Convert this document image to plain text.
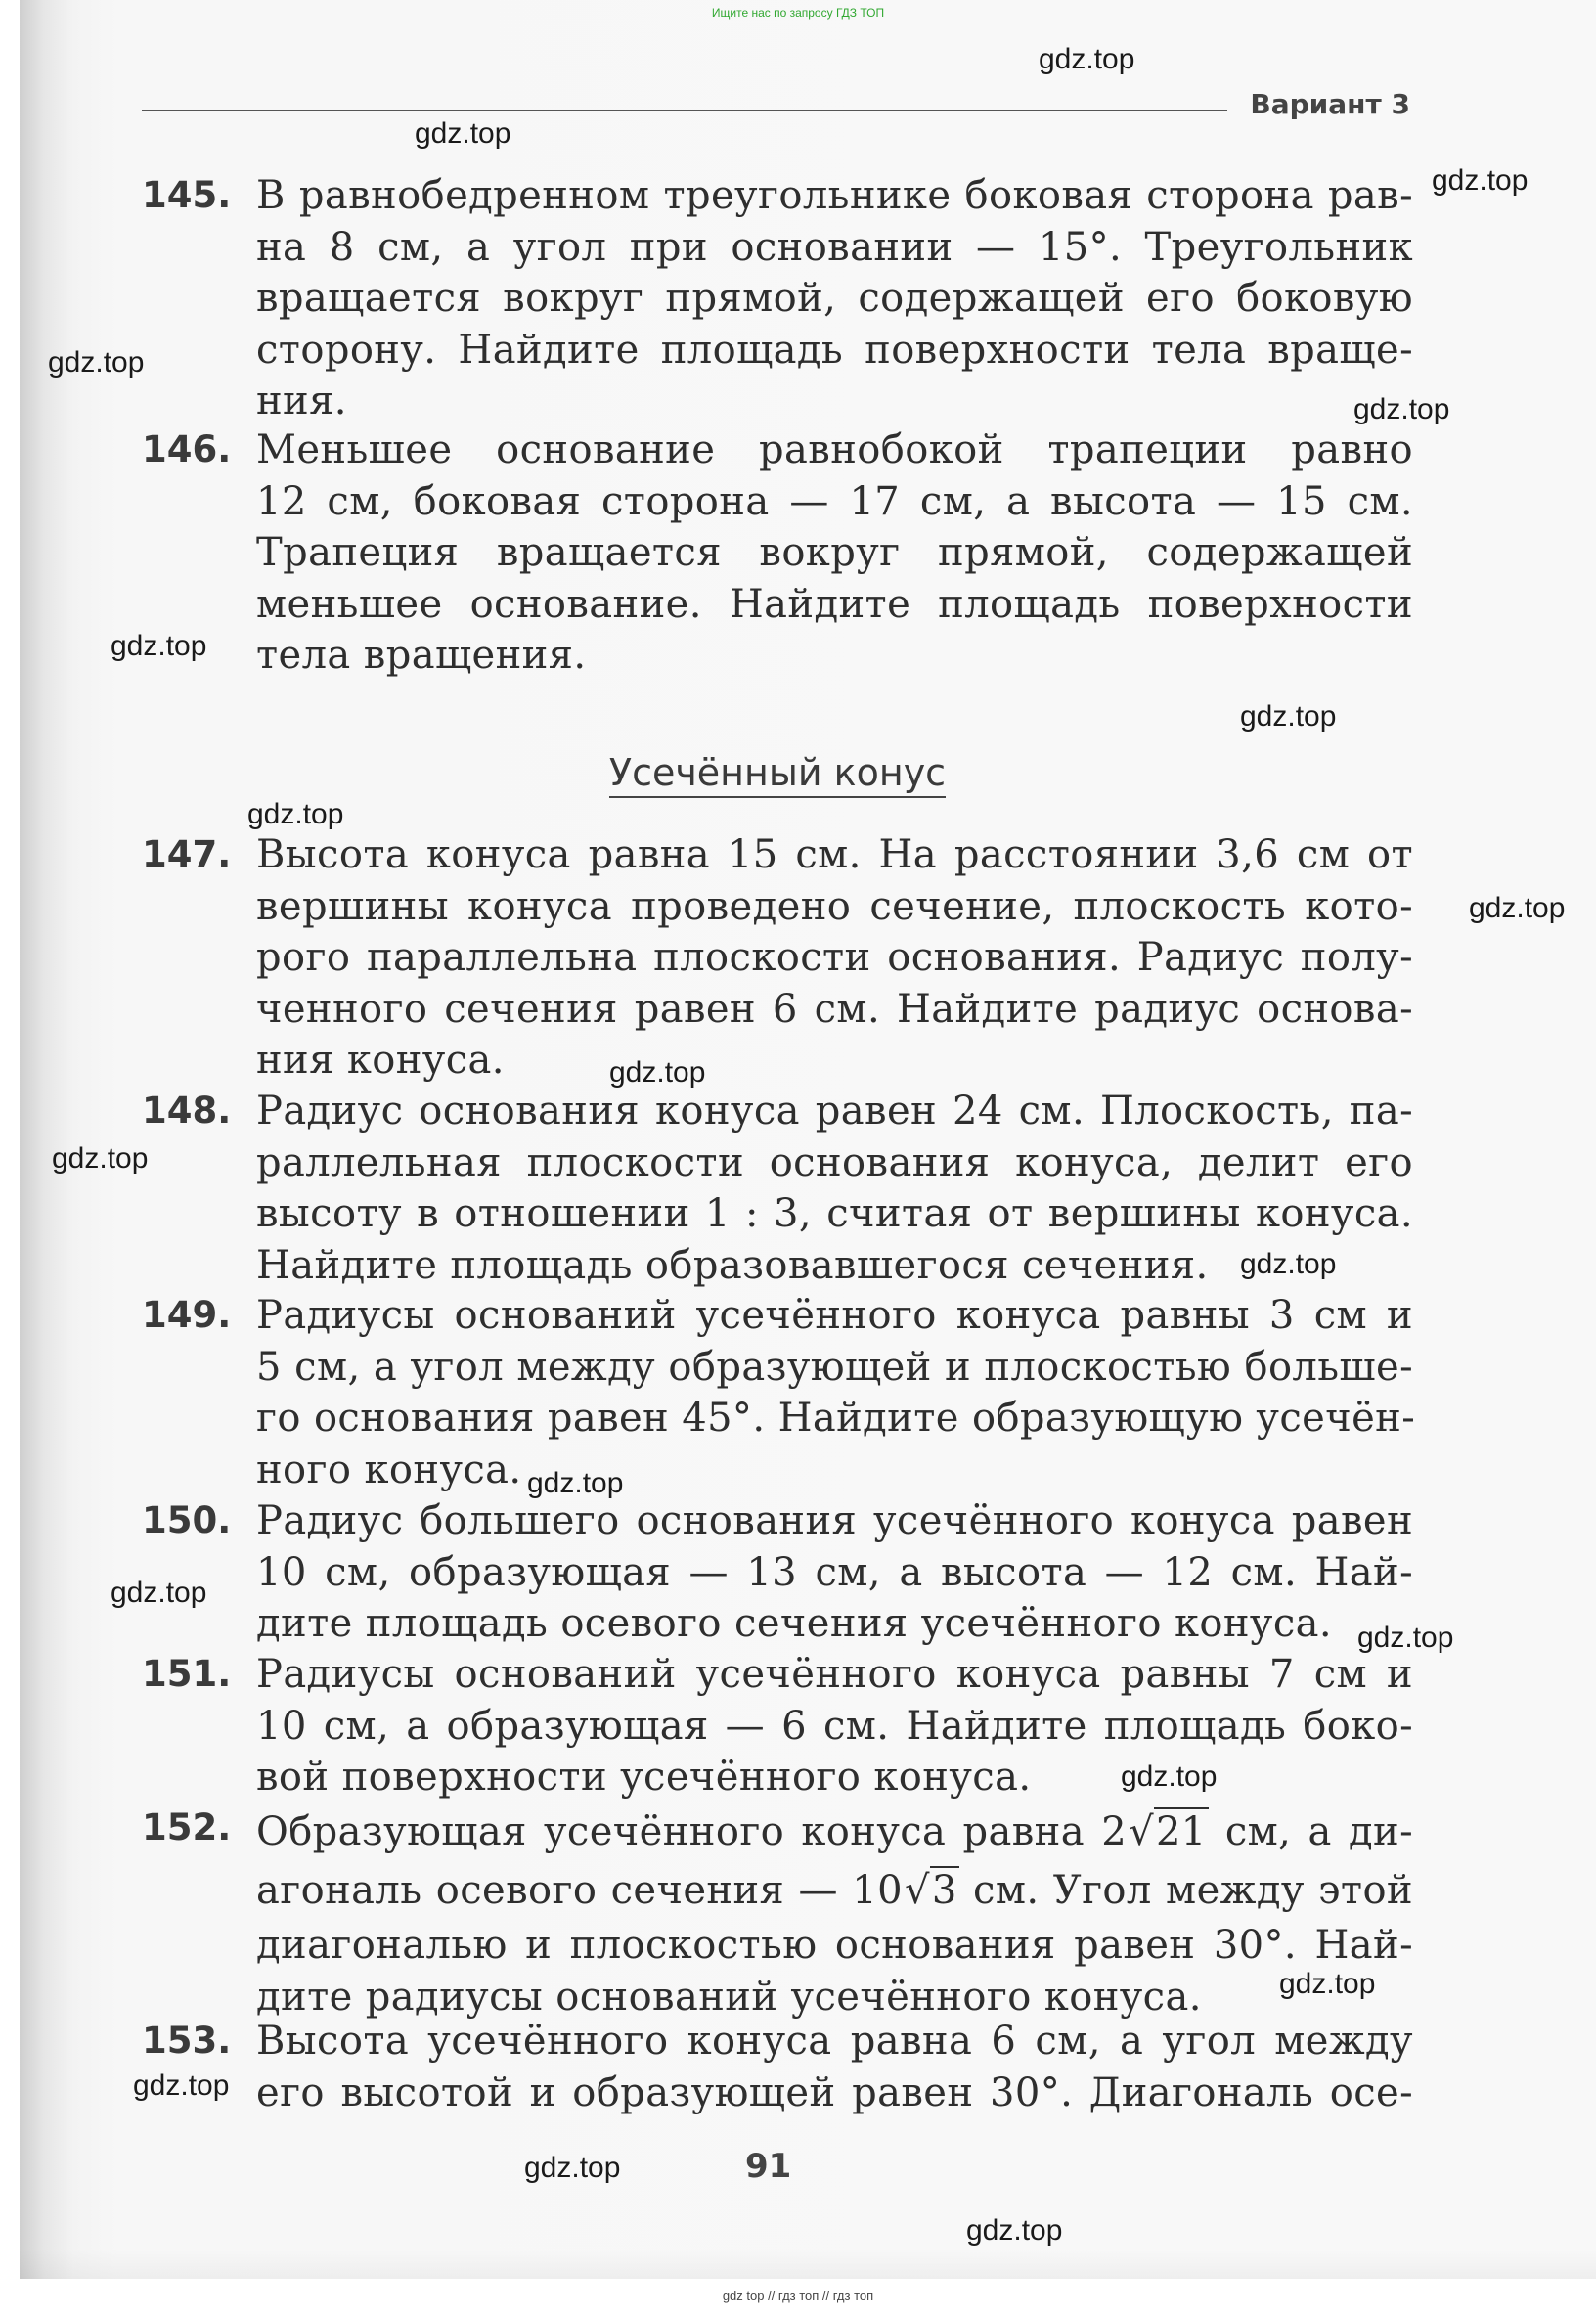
Ищите нас по запросу ГДЗ ТОП
Вариант 3
145. В равнобедренном треугольнике боковая сторона рав-
на 8 см, а угол при основании — 15°. Треугольник
вращается вокруг прямой, содержащей его боковую
сторону. Найдите площадь поверхности тела враще-
ния.
146. Меньшее основание равнобокой трапеции равно
12 см, боковая сторона — 17 см, а высота — 15 см.
Трапеция вращается вокруг прямой, содержащей
меньшее основание. Найдите площадь поверхности
тела вращения.
Усечённый конус
147. Высота конуса равна 15 см. На расстоянии 3,6 см от
вершины конуса проведено сечение, плоскость кото-
рого параллельна плоскости основания. Радиус полу-
ченного сечения равен 6 см. Найдите радиус основа-
ния конуса.
148. Радиус основания конуса равен 24 см. Плоскость, па-
раллельная плоскости основания конуса, делит его
высоту в отношении 1 : 3, считая от вершины конуса.
Найдите площадь образовавшегося сечения.
149. Радиусы оснований усечённого конуса равны 3 см и
5 см, а угол между образующей и плоскостью больше-
го основания равен 45°. Найдите образующую усечён-
ного конуса.
150. Радиус большего основания усечённого конуса равен
10 см, образующая — 13 см, а высота — 12 см. Най-
дите площадь осевого сечения усечённого конуса.
151. Радиусы оснований усечённого конуса равны 7 см и
10 см, а образующая — 6 см. Найдите площадь боко-
вой поверхности усечённого конуса.
152. Образующая усечённого конуса равна 2√21 см, а ди-
агональ осевого сечения — 10√3 см. Угол между этой
диагональю и плоскостью основания равен 30°. Най-
дите радиусы оснований усечённого конуса.
153. Высота усечённого конуса равна 6 см, а угол между
его высотой и образующей равен 30°. Диагональ осе-
gdz.top
gdz.top
gdz.top
gdz.top
gdz.top
gdz.top
gdz.top
gdz.top
gdz.top
gdz.top
gdz.top
gdz.top
gdz.top
gdz.top
gdz.top
gdz.top
gdz.top
gdz.top
gdz.top
gdz.top
91
gdz top // гдз топ // гдз топ
